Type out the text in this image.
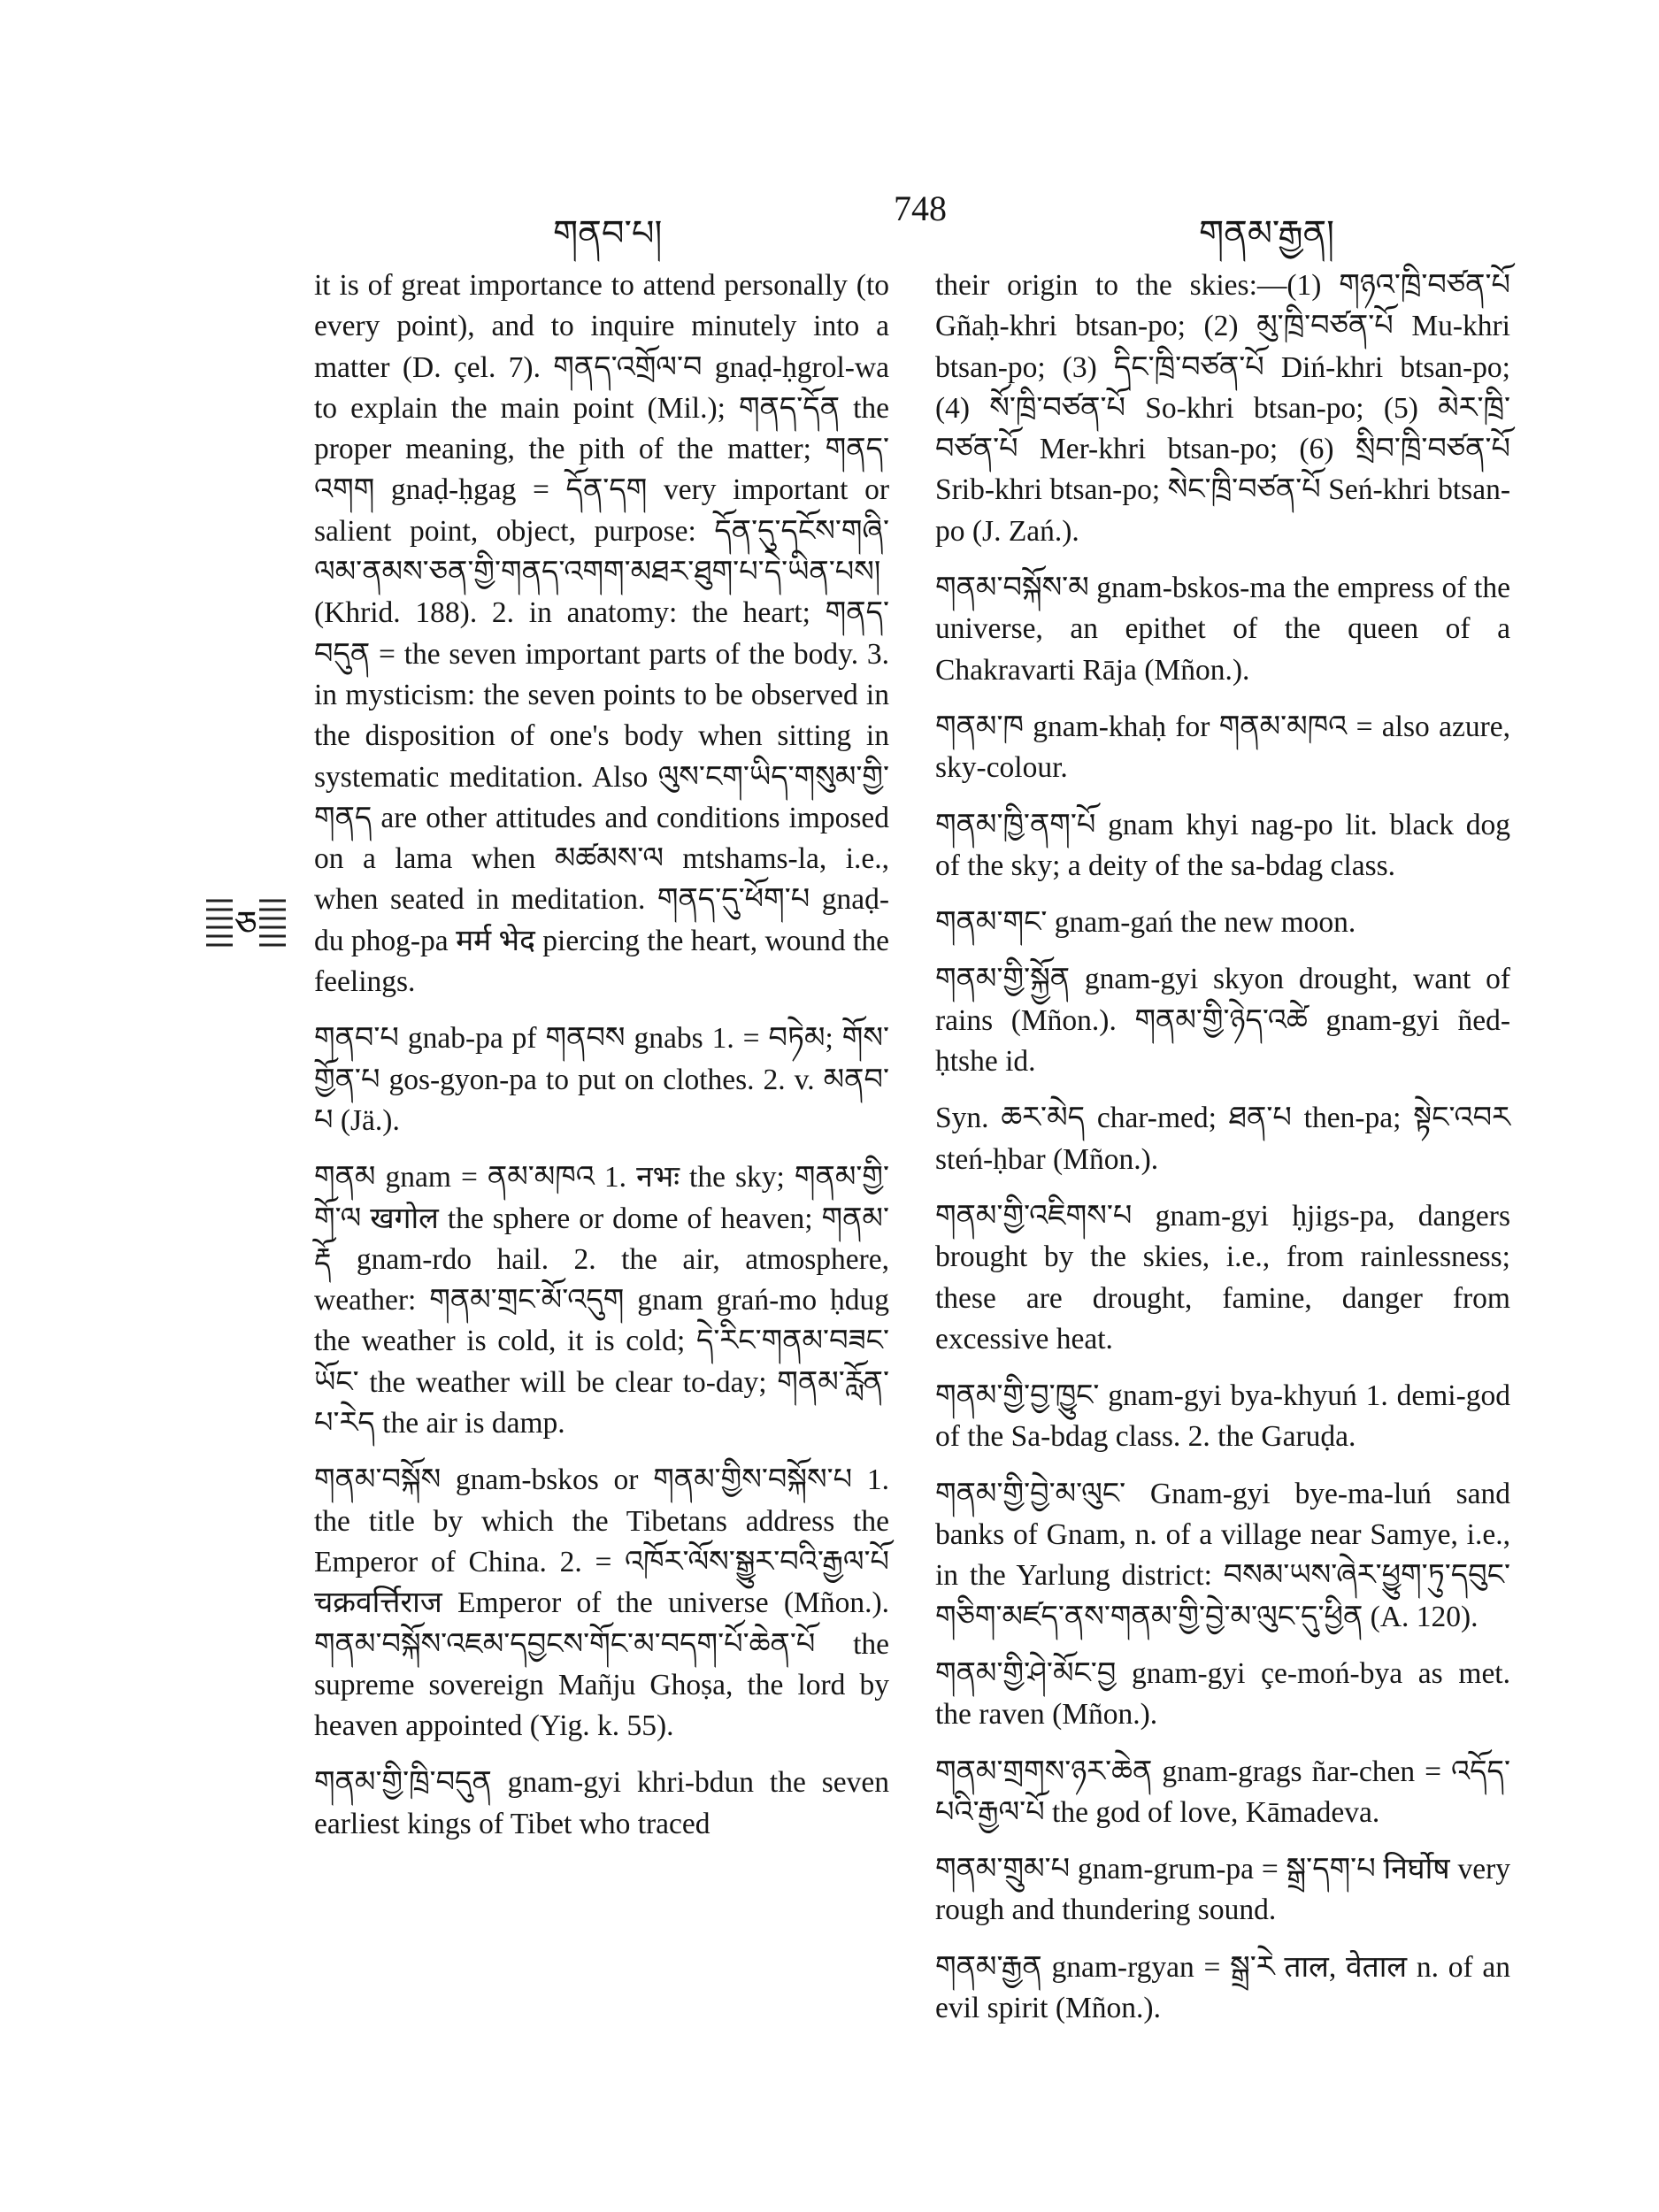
གནབ་པ།
748
གནམ་རྒྱན།
ཅ

it is of great importance to attend personally (to every point), and to inquire minutely into a matter (D. çel. 7). གནད་འགྲོལ་བ gnaḍ-ḥgrol-wa to explain the main point (Mil.); གནད་དོན the proper meaning, the pith of the matter; གནད་འགག gnaḍ-ḥgag = དོན་དག very important or salient point, object, purpose: དོན་དུ་དངོས་གཞི་ལམ་ནམས་ཅན་གྱི་གནད་འགག་མཐར་ཐུག་པ་དེ་ཡིན་པས། (Khrid. 188). 2. in anatomy: the heart; གནད་བདུན = the seven important parts of the body. 3. in mysticism: the seven points to be observed in the disposition of one's body when sitting in systematic meditation. Also ལུས་ངག་ཡིད་གསུམ་གྱི་གནད are other attitudes and conditions imposed on a lama when མཚམས་ལ mtshams-la, i.e., when seated in meditation. གནད་དུ་ཕོག་པ gnaḍ-du phog-pa मर्म भेद piercing the heart, wound the feelings.

གནབ་པ gnab-pa pf གནབས gnabs 1. = བཏེམ; གོས་གྱོན་པ gos-gyon-pa to put on clothes. 2. v. མནབ་པ (Jä.).

གནམ gnam = ནམ་མཁའ 1. नभः the sky; གནམ་གྱི་གོ་ལ खगोल the sphere or dome of heaven; གནམ་རྡོ gnam-rdo hail. 2. the air, atmosphere, weather: གནམ་གྲང་མོ་འདུག gnam grań-mo ḥdug the weather is cold, it is cold; དེ་རིང་གནམ་བཟང་ཡོང་ the weather will be clear to-day; གནམ་རློན་པ་རེད the air is damp.

གནམ་བསྐོས gnam-bskos or གནམ་གྱིས་བསྐོས་པ 1. the title by which the Tibetans address the Emperor of China. 2. = འཁོར་ལོས་སྒྱུར་བའི་རྒྱལ་པོ चक्रवर्त्तिराज Emperor of the universe (Mñon.). གནམ་བསྐོས་འཇམ་དབྱངས་གོང་མ་བདག་པོ་ཆེན་པོ the supreme sovereign Mañju Ghoṣa, the lord by heaven appointed (Yig. k. 55).

གནམ་གྱི་ཁྲི་བདུན gnam-gyi khri-bdun the seven earliest kings of Tibet who traced

their origin to the skies:—(1) གཉའ་ཁྲི་བཙན་པོ Gñaḥ-khri btsan-po; (2) མུ་ཁྲི་བཙན་པོ Mu-khri btsan-po; (3) དིང་ཁྲི་བཙན་པོ Diń-khri btsan-po; (4) སོ་ཁྲི་བཙན་པོ So-khri btsan-po; (5) མེར་ཁྲི་བཙན་པོ Mer-khri btsan-po; (6) སྲིབ་ཁྲི་བཙན་པོ Srib-khri btsan-po; སེང་ཁྲི་བཙན་པོ Seń-khri btsan-po (J. Zań.).

གནམ་བསྐོས་མ gnam-bskos-ma the empress of the universe, an epithet of the queen of a Chakravarti Rāja (Mñon.).

གནམ་ཁ gnam-khaḥ for གནམ་མཁའ = also azure, sky-colour.

གནམ་ཁྱི་ནག་པོ gnam khyi nag-po lit. black dog of the sky; a deity of the sa-bdag class.

གནམ་གང་ gnam-gań the new moon.

གནམ་གྱི་སྐྱོན gnam-gyi skyon drought, want of rains (Mñon.). གནམ་གྱི་ཉེད་འཚེ gnam-gyi ñed-ḥtshe id.

Syn. ཆར་མེད char-med; ཐན་པ then-pa; སྟེང་འབར steń-ḥbar (Mñon.).

གནམ་གྱི་འཇིགས་པ gnam-gyi ḥjigs-pa, dangers brought by the skies, i.e., from rainlessness; these are drought, famine, danger from excessive heat.

གནམ་གྱི་བྱ་ཁྱུང་ gnam-gyi bya-khyuń 1. demi-god of the Sa-bdag class. 2. the Garuḍa.

གནམ་གྱི་བྱེ་མ་ལུང་ Gnam-gyi bye-ma-luń sand banks of Gnam, n. of a village near Samye, i.e., in the Yarlung district: བསམ་ཡས་ཞེར་ཕྱུག་ཏུ་དབུང་གཅིག་མཛད་ནས་གནམ་གྱི་བྱེ་མ་ལུང་དུ་ཕྱིན (A. 120).

གནམ་གྱི་ཤེ་མོང་བྱ gnam-gyi çe-mоń-bya as met. the raven (Mñon.).

གནམ་གྲགས་ཉར་ཆེན gnam-grags ñar-chen = འདོད་པའི་རྒྱལ་པོ the god of love, Kāmadeva.

གནམ་གྲུམ་པ gnam-grum-pa = སྒྲ་དག་པ निर्घोष very rough and thundering sound.

གནམ་རྒྱན gnam-rgyan = སྒྲ་རེ ताल, वेताल n. of an evil spirit (Mñon.).
